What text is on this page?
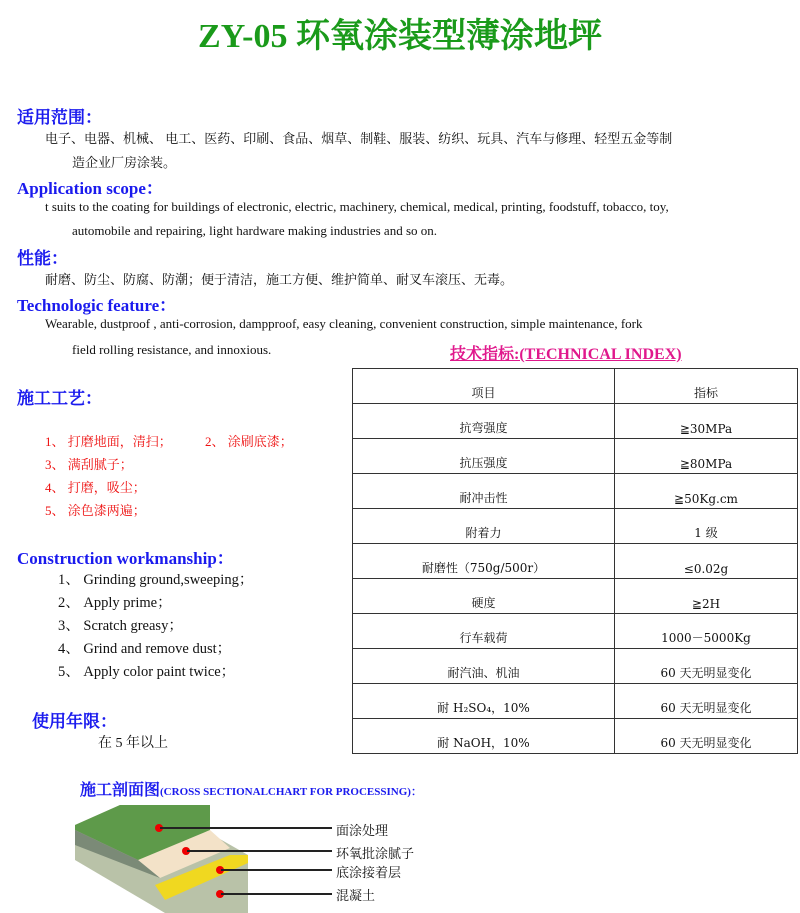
ZY-05 环氧涂装型薄涂地坪
适用范围：
电子、电器、机械、 电工、医药、印刷、食品、烟草、制鞋、服装、纺织、玩具、汽车与修理、轻型五金等制
造企业厂房涂装。
Application scope：
t suits to the coating for buildings of electronic, electric, machinery, chemical, medical, printing, foodstuff, tobacco, toy,
automobile and repairing, light hardware making industries and so on.
性能：
耐磨、防尘、防腐、防潮；便于清洁，施工方便、维护简单、耐叉车滚压、无毒。
Technologic feature：
Wearable, dustproof , anti-corrosion, dampproof, easy cleaning, convenient construction, simple maintenance, fork
field rolling resistance, and innoxious.	技术指标:(TECHNICAL INDEX)
施工工艺：
1、 打磨地面，清扫；	2、 涂刷底漆；
3、 满刮腻子；
4、 打磨，吸尘；
5、 涂色漆两遍；
Construction workmanship：
1、 Grinding ground,sweeping；
2、 Apply prime；
3、 Scratch greasy；
4、 Grind and remove dust；
5、 Apply color paint twice；
使用年限：
在 5 年以上
项目	指标
抗弯强度	≧30MPa
抗压强度	≧80MPa
耐冲击性	≧50Kg.cm
附着力	1 级
耐磨性（750g/500r）	≤0.02g
硬度	≧2H
行车载荷	1000－5000Kg
耐汽油、机油	60 天无明显变化
耐 H₂SO₄，10%	60 天无明显变化
耐 NaOH，10%	60 天无明显变化
施工剖面图(CROSS SECTIONALCHART FOR PROCESSING)：
面涂处理
环氧批涂腻子
底涂接着层
混凝土
